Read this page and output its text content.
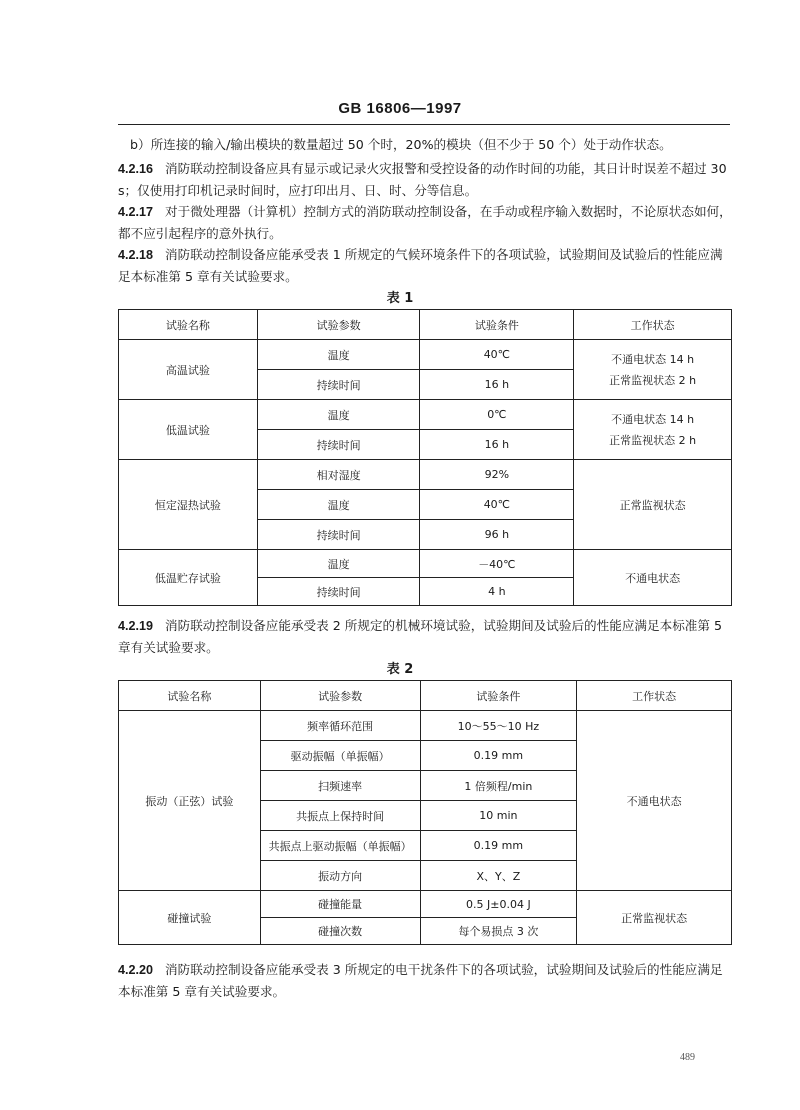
GB 16806—1997
b）所连接的输入/输出模块的数量超过 50 个时，20%的模块（但不少于 50 个）处于动作状态。
4.2.16 消防联动控制设备应具有显示或记录火灾报警和受控设备的动作时间的功能，其日计时误差不超过 30 s；仅使用打印机记录时间时，应打印出月、日、时、分等信息。
4.2.17 对于微处理器（计算机）控制方式的消防联动控制设备，在手动或程序输入数据时，不论原状态如何，都不应引起程序的意外执行。
4.2.18 消防联动控制设备应能承受表 1 所规定的气候环境条件下的各项试验，试验期间及试验后的性能应满足本标准第 5 章有关试验要求。
表 1
试验名称	试验参数	试验条件	工作状态
高温试验	温度	40℃	不通电状态 14 h
正常监视状态 2 h
	持续时间	16 h	
低温试验	温度	0℃	不通电状态 14 h
正常监视状态 2 h
	持续时间	16 h	
恒定湿热试验	相对湿度	92%	正常监视状态
	温度	40℃	
	持续时间	96 h	
低温贮存试验	温度	－40℃	不通电状态
	持续时间	4 h	
4.2.19 消防联动控制设备应能承受表 2 所规定的机械环境试验，试验期间及试验后的性能应满足本标准第 5 章有关试验要求。
表 2
试验名称	试验参数	试验条件	工作状态
振动（正弦）试验	频率循环范围	10～55～10 Hz	不通电状态
	驱动振幅（单振幅）	0.19 mm	
	扫频速率	1 倍频程/min	
	共振点上保持时间	10 min	
	共振点上驱动振幅（单振幅）	0.19 mm	
	振动方向	X、Y、Z	
碰撞试验	碰撞能量	0.5 J±0.04 J	正常监视状态
	碰撞次数	每个易损点 3 次	
4.2.20 消防联动控制设备应能承受表 3 所规定的电干扰条件下的各项试验，试验期间及试验后的性能应满足本标准第 5 章有关试验要求。
489
